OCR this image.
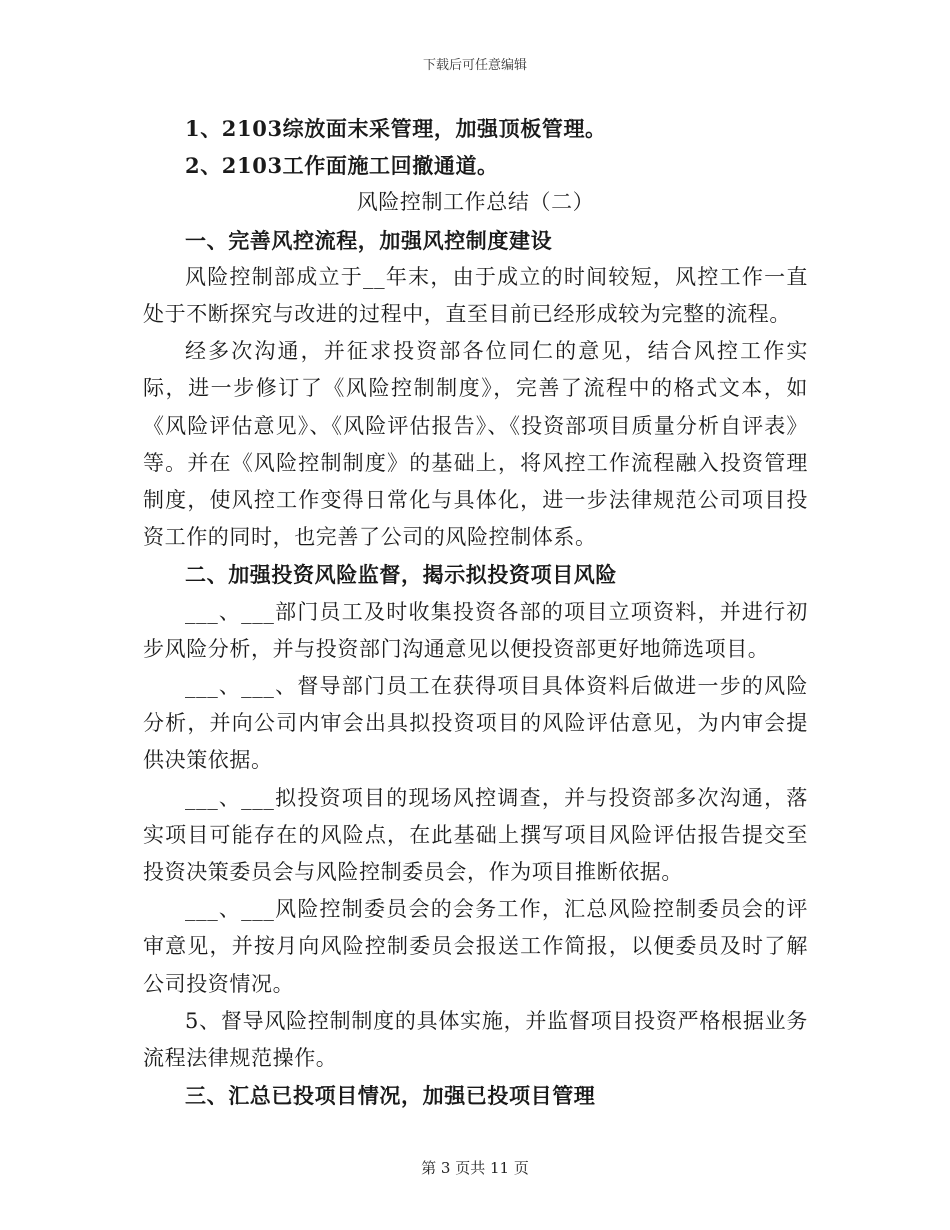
下载后可任意编辑
1、2103综放面末采管理，加强顶板管理。
2、2103工作面施工回撤通道。
风险控制工作总结（二）
一、完善风控流程，加强风控制度建设

风险控制部成立于__年末，由于成立的时间较短，风控工作一直处于不断探究与改进的过程中，直至目前已经形成较为完整的流程。

经多次沟通，并征求投资部各位同仁的意见，结合风控工作实际，进一步修订了《风险控制制度》，完善了流程中的格式文本，如《风险评估意见》、《风险评估报告》、《投资部项目质量分析自评表》等。并在《风险控制制度》的基础上，将风控工作流程融入投资管理制度，使风控工作变得日常化与具体化，进一步法律规范公司项目投资工作的同时，也完善了公司的风险控制体系。

二、加强投资风险监督，揭示拟投资项目风险

___、___部门员工及时收集投资各部的项目立项资料，并进行初步风险分析，并与投资部门沟通意见以便投资部更好地筛选项目。

___、___、督导部门员工在获得项目具体资料后做进一步的风险分析，并向公司内审会出具拟投资项目的风险评估意见，为内审会提供决策依据。

___、___拟投资项目的现场风控调查，并与投资部多次沟通，落实项目可能存在的风险点，在此基础上撰写项目风险评估报告提交至投资决策委员会与风险控制委员会，作为项目推断依据。

___、___风险控制委员会的会务工作，汇总风险控制委员会的评审意见，并按月向风险控制委员会报送工作简报，以便委员及时了解公司投资情况。

5、督导风险控制制度的具体实施，并监督项目投资严格根据业务流程法律规范操作。

三、汇总已投项目情况，加强已投项目管理
第 3 页共 11 页
